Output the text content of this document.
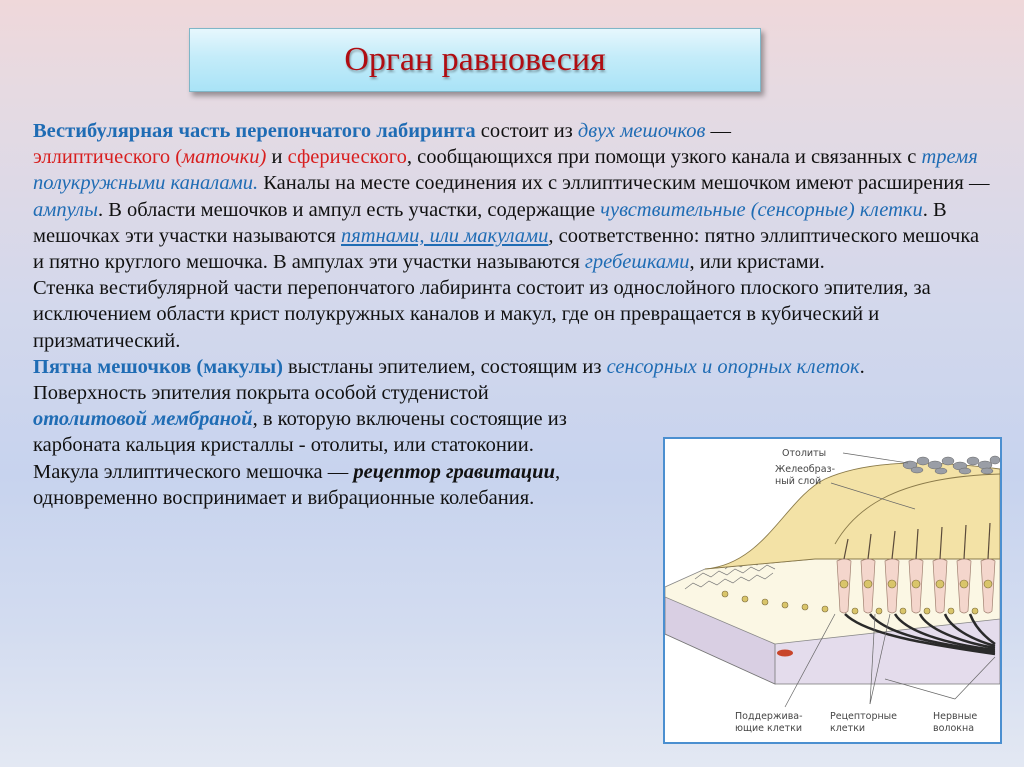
Орган равновесия

Вестибулярная часть перепончатого лабиринта состоит из двух мешочков —
эллиптического (маточки) и сферического, сообщающихся при помощи узкого канала и связанных с тремя полукружными каналами. Каналы на месте соединения их с эллиптическим мешочком имеют расширения — ампулы. В области мешочков и ампул есть участки, содержащие чувствительные (сенсорные) клетки. В мешочках эти участки называются пятнами, или макулами, соответственно: пятно эллиптического мешочка и пятно круглого мешочка. В ампулах эти участки называются гребешками, или кристами.

Стенка вестибулярной части перепончатого лабиринта состоит из однослойного плоского эпителия, за исключением области крист полукружных каналов и макул, где он превращается в кубический и призматический.

Пятна мешочков (макулы) выстланы эпителием, состоящим из сенсорных и опорных клеток.

Поверхность эпителия покрыта особой студенистой
отолитовой мембраной, в которую включены состоящие из карбоната кальция кристаллы - отолиты, или статоконии.

Макула эллиптического мешочка — рецептор гравитации, одновременно воспринимает и вибрационные колебания.

Отолиты
Желеобраз-
ный слой
Поддержива-
ющие клетки
Рецепторные
клетки
Нервные
волокна
